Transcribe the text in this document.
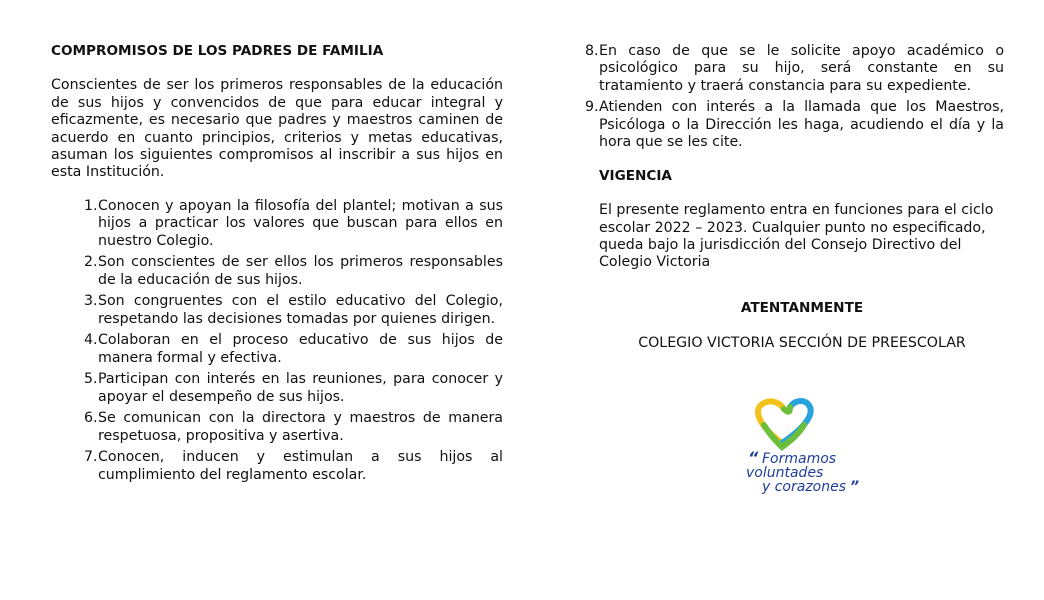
COMPROMISOS DE LOS PADRES DE FAMILIA

Conscientes de ser los primeros responsables de la educación de sus hijos y convencidos de que para educar integral y eficazmente, es necesario que padres y maestros caminen de acuerdo en cuanto principios, criterios y metas educativas, asuman los siguientes compromisos al inscribir a sus hijos en esta Institución.

1. Conocen y apoyan la filosofía del plantel; motivan a sus hijos a practicar los valores que buscan para ellos en nuestro Colegio.
2. Son conscientes de ser ellos los primeros responsables de la educación de sus hijos.
3. Son congruentes con el estilo educativo del Colegio, respetando las decisiones tomadas por quienes dirigen.
4. Colaboran en el proceso educativo de sus hijos de manera formal y efectiva.
5. Participan con interés en las reuniones, para conocer y apoyar el desempeño de sus hijos.
6. Se comunican con la directora y maestros de manera respetuosa, propositiva y asertiva.
7. Conocen, inducen y estimulan a sus hijos al cumplimiento del reglamento escolar.
8. En caso de que se le solicite apoyo académico o psicológico para su hijo, será constante en su tratamiento y traerá constancia para su expediente.
9. Atienden con interés a la llamada que los Maestros, Psicóloga o la Dirección les haga, acudiendo el día y la hora que se les cite.

VIGENCIA

El presente reglamento entra en funciones para el ciclo escolar 2022 – 2023. Cualquier punto no especificado, queda bajo la jurisdicción del Consejo Directivo del Colegio Victoria

ATENTANMENTE

COLEGIO VICTORIA SECCIÓN DE PREESCOLAR

“ Formamos
voluntades
y corazones ”
